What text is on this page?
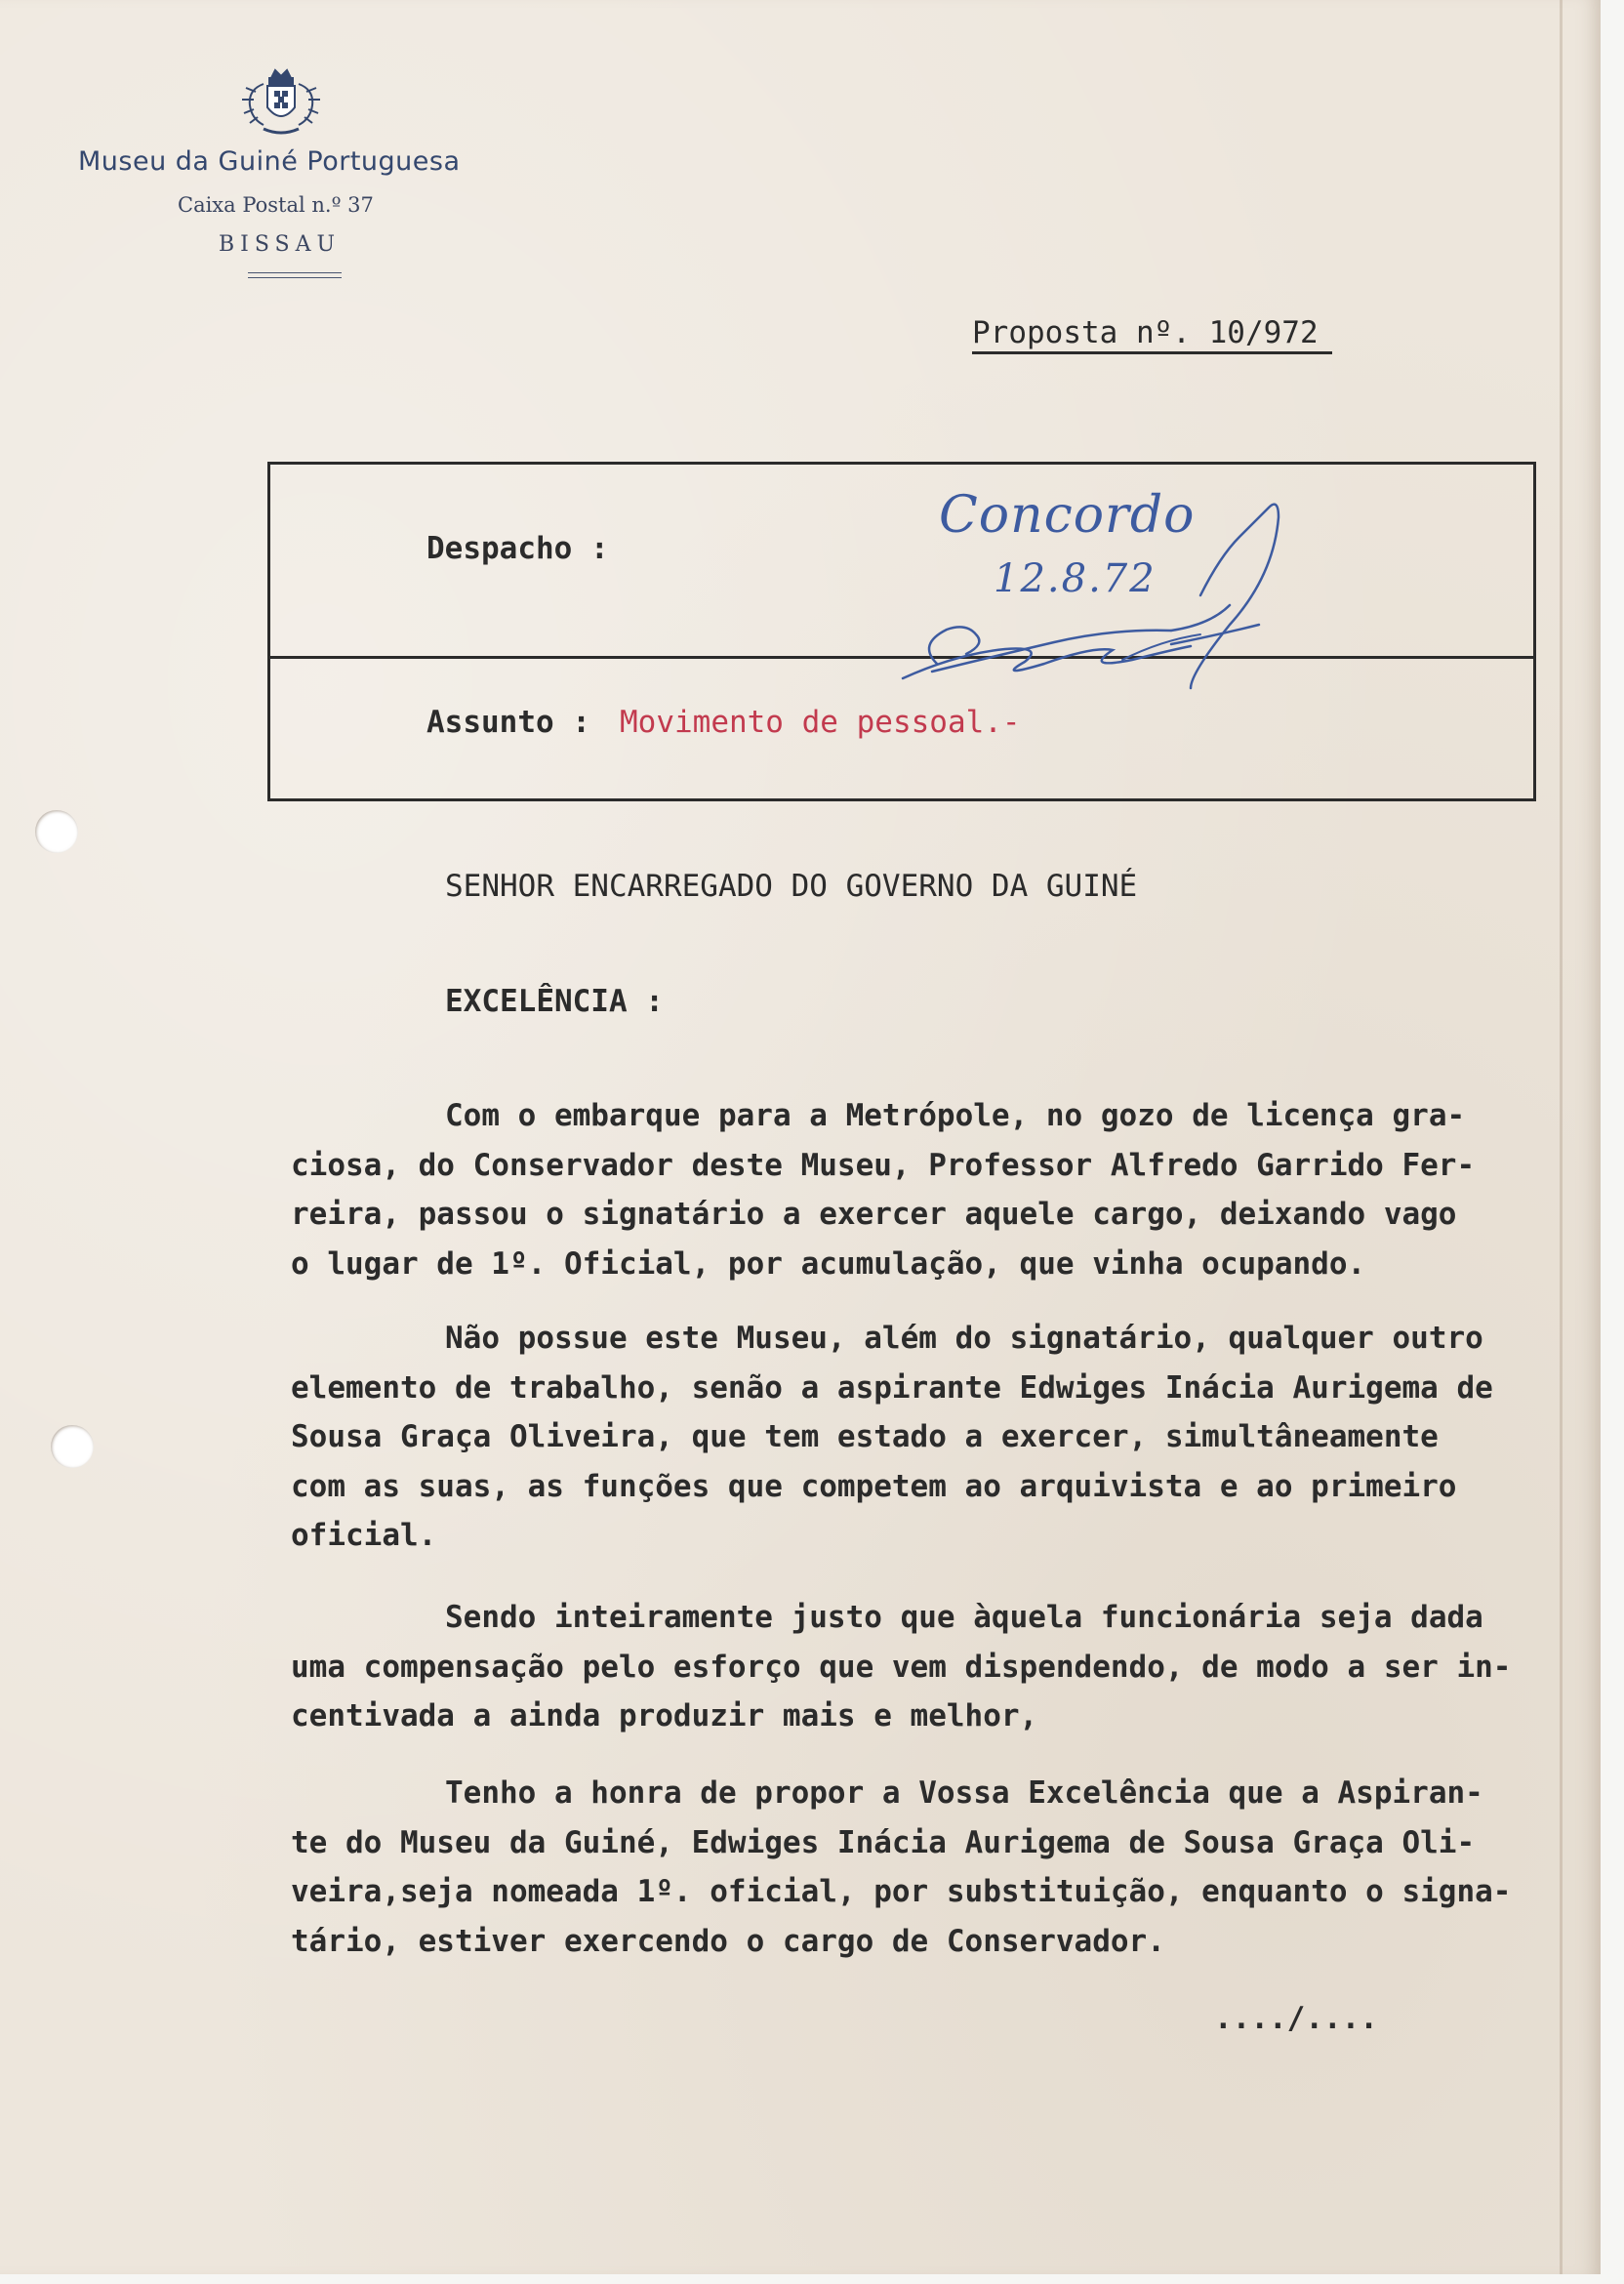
Museu da Guiné Portuguesa
Caixa Postal n.º 37
BISSAU
Proposta nº. 10/972
Despacho :
Assunto : Movimento de pessoal.-
Concordo
12.8.72
SENHOR ENCARREGADO DO GOVERNO DA GUINÉ
EXCELÊNCIA :
Com o embarque para a Metrópole, no gozo de licença gra-
ciosa, do Conservador deste Museu, Professor Alfredo Garrido Fer-
reira, passou o signatário a exercer aquele cargo, deixando vago
o lugar de 1º. Oficial, por acumulação, que vinha ocupando.
Não possue este Museu, além do signatário, qualquer outro
elemento de trabalho, senão a aspirante Edwiges Inácia Aurigema de
Sousa Graça Oliveira, que tem estado a exercer, simultâneamente
com as suas, as funções que competem ao arquivista e ao primeiro
oficial.
Sendo inteiramente justo que àquela funcionária seja dada
uma compensação pelo esforço que vem dispendendo, de modo a ser in-
centivada a ainda produzir mais e melhor,
Tenho a honra de propor a Vossa Excelência que a Aspiran-
te do Museu da Guiné, Edwiges Inácia Aurigema de Sousa Graça Oli-
veira,seja nomeada 1º. oficial, por substituição, enquanto o signa-
tário, estiver exercendo o cargo de Conservador.
..../....
